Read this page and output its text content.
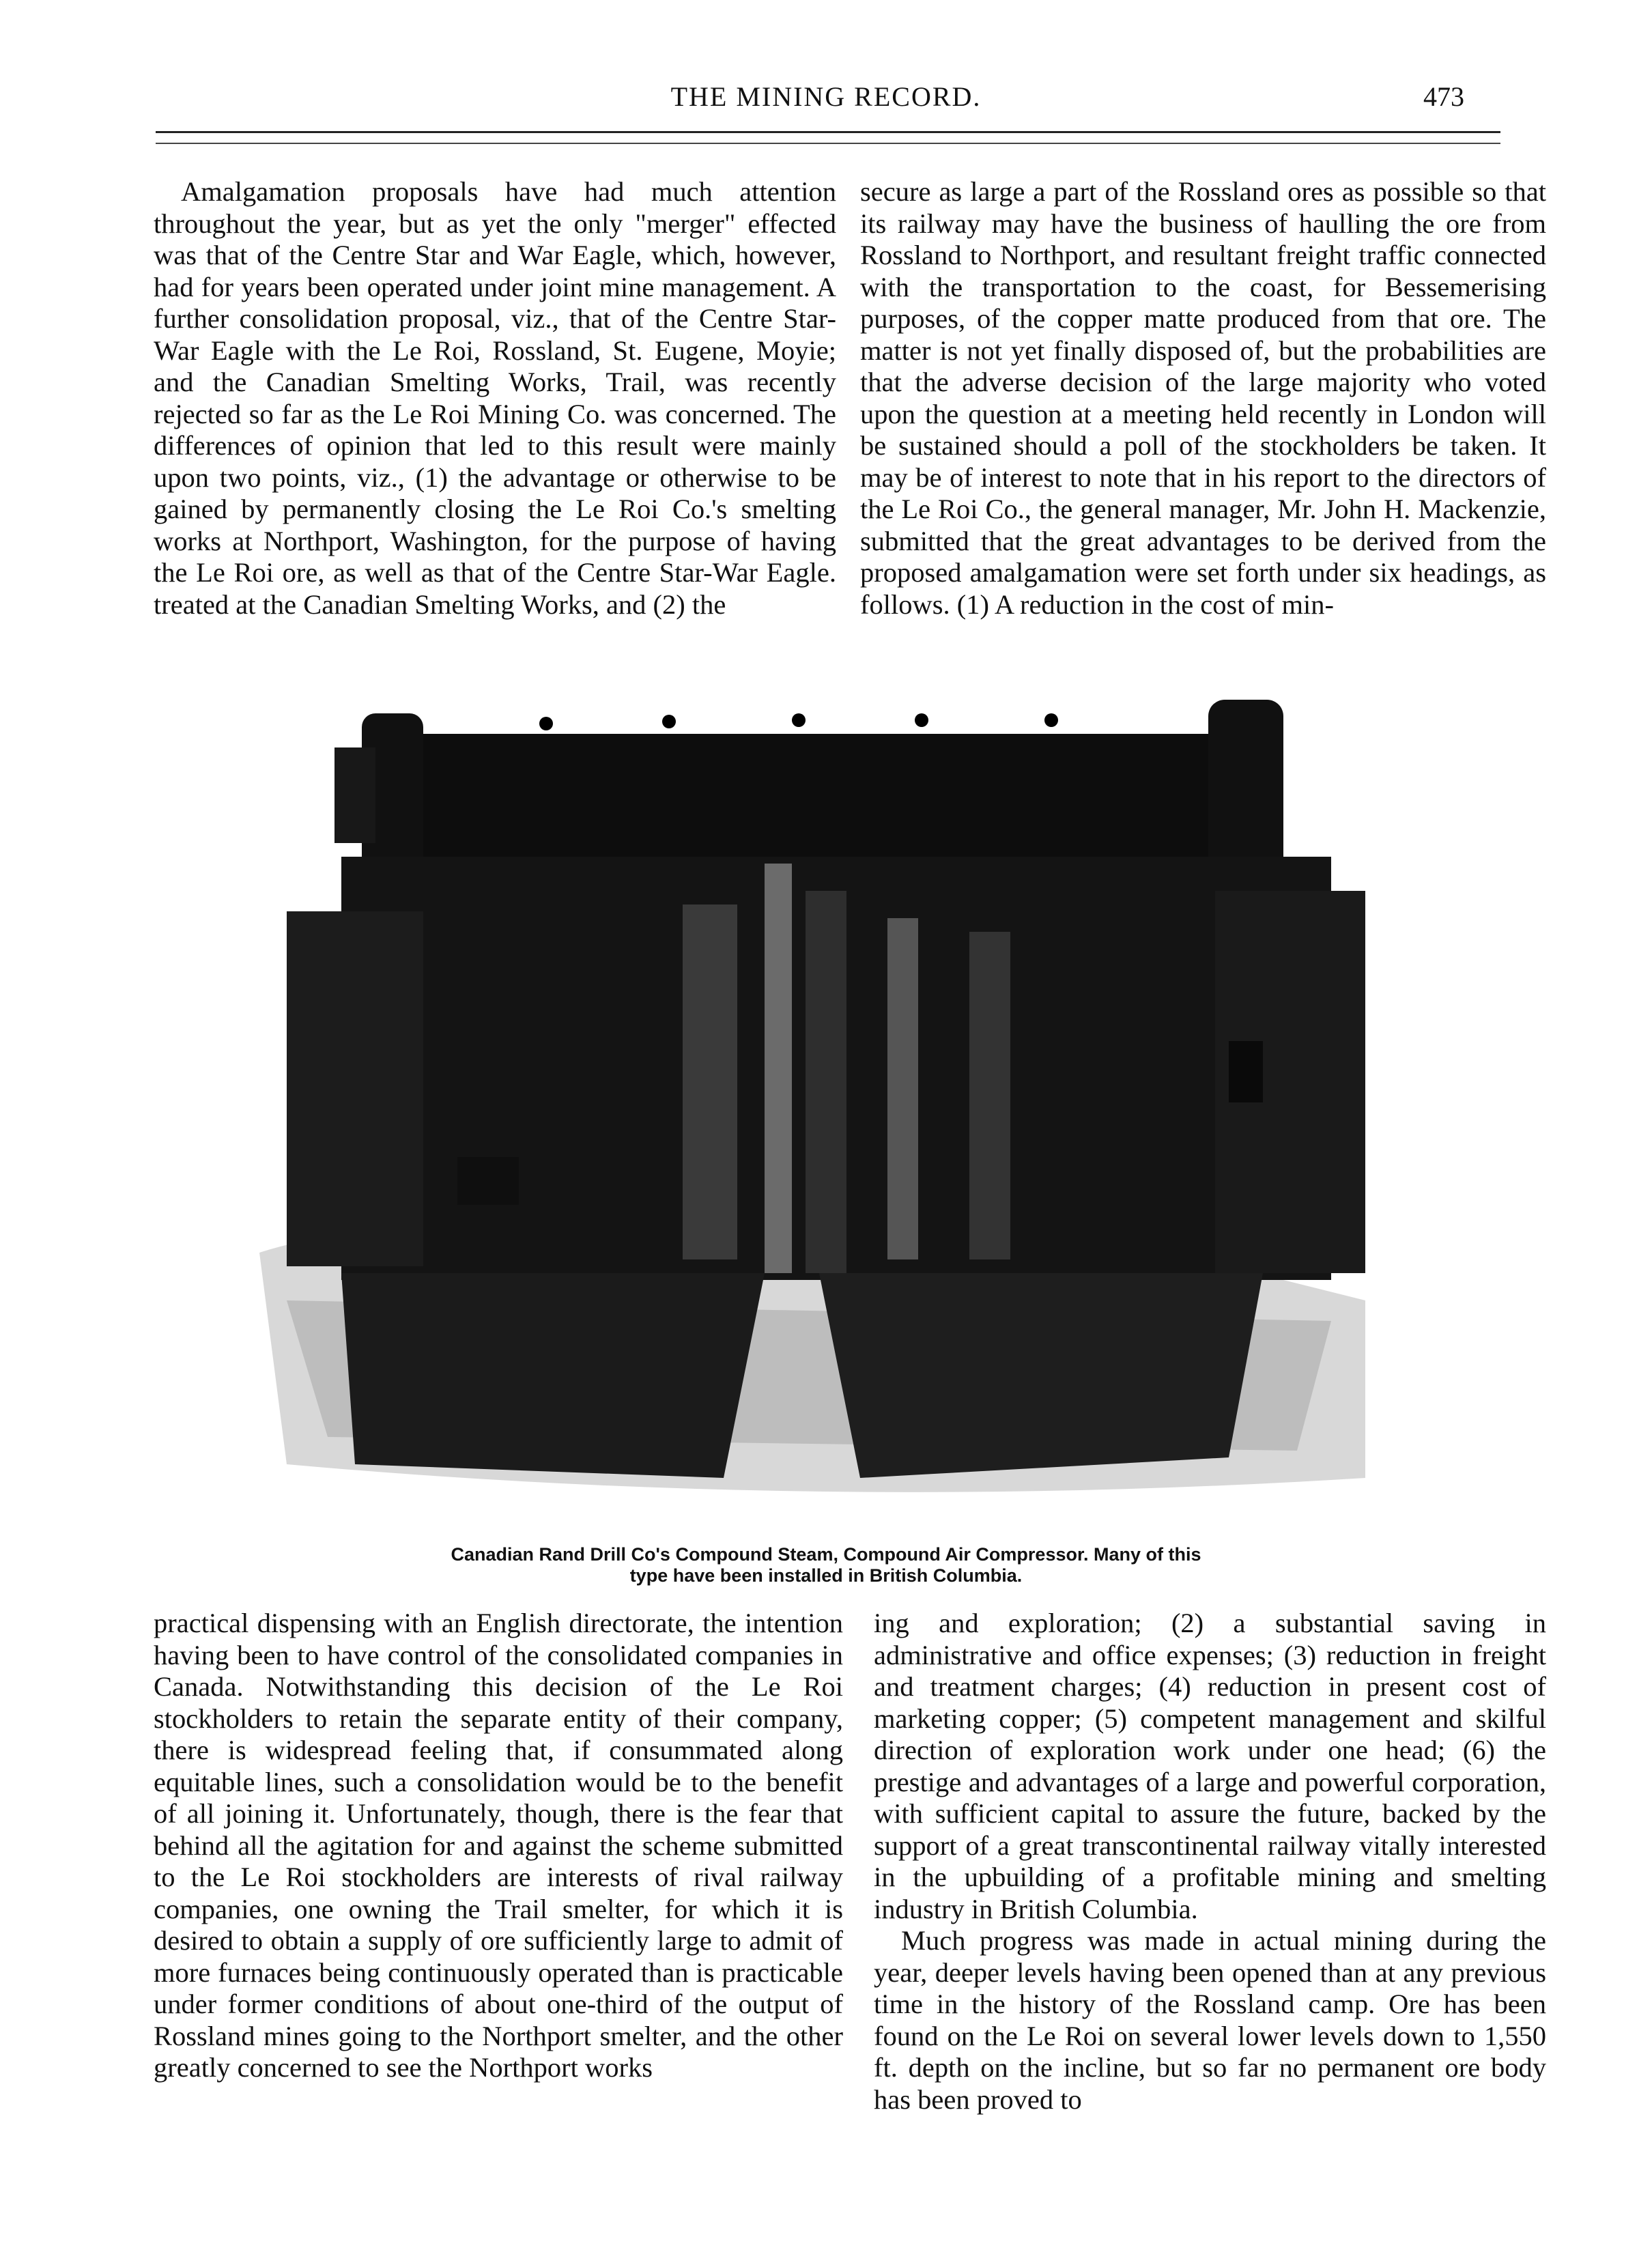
THE MINING RECORD.	473

Amalgamation proposals have had much attention throughout the year, but as yet the only "merger" effected was that of the Centre Star and War Eagle, which, however, had for years been operated under joint mine management. A further consolidation proposal, viz., that of the Centre Star-War Eagle with the Le Roi, Rossland, St. Eugene, Moyie; and the Canadian Smelting Works, Trail, was recently rejected so far as the Le Roi Mining Co. was concerned. The differences of opinion that led to this result were mainly upon two points, viz., (1) the advantage or otherwise to be gained by permanently closing the Le Roi Co.'s smelting works at Northport, Washington, for the purpose of having the Le Roi ore, as well as that of the Centre Star-War Eagle. treated at the Canadian Smelting Works, and (2) the

secure as large a part of the Rossland ores as possible so that its railway may have the business of haulling the ore from Rossland to Northport, and resultant freight traffic connected with the transportation to the coast, for Bessemerising purposes, of the copper matte produced from that ore. The matter is not yet finally disposed of, but the probabilities are that the adverse decision of the large majority who voted upon the question at a meeting held recently in London will be sustained should a poll of the stockholders be taken. It may be of interest to note that in his report to the directors of the Le Roi Co., the general manager, Mr. John H. Mackenzie, submitted that the great advantages to be derived from the proposed amalgamation were set forth under six headings, as follows. (1) A reduction in the cost of min-

Canadian Rand Drill Co's Compound Steam, Compound Air Compressor. Many of this
type have been installed in British Columbia.

practical dispensing with an English directorate, the intention having been to have control of the consolidated companies in Canada. Notwithstanding this decision of the Le Roi stockholders to retain the separate entity of their company, there is widespread feeling that, if consummated along equitable lines, such a consolidation would be to the benefit of all joining it. Unfortunately, though, there is the fear that behind all the agitation for and against the scheme submitted to the Le Roi stockholders are interests of rival railway companies, one owning the Trail smelter, for which it is desired to obtain a supply of ore sufficiently large to admit of more furnaces being continuously operated than is practicable under former conditions of about one-third of the output of Rossland mines going to the Northport smelter, and the other greatly concerned to see the Northport works

ing and exploration; (2) a substantial saving in administrative and office expenses; (3) reduction in freight and treatment charges; (4) reduction in present cost of marketing copper; (5) competent management and skilful direction of exploration work under one head; (6) the prestige and advantages of a large and powerful corporation, with sufficient capital to assure the future, backed by the support of a great transcontinental railway vitally interested in the upbuilding of a profitable mining and smelting industry in British Columbia.

Much progress was made in actual mining during the year, deeper levels having been opened than at any previous time in the history of the Rossland camp. Ore has been found on the Le Roi on several lower levels down to 1,550 ft. depth on the incline, but so far no permanent ore body has been proved to
